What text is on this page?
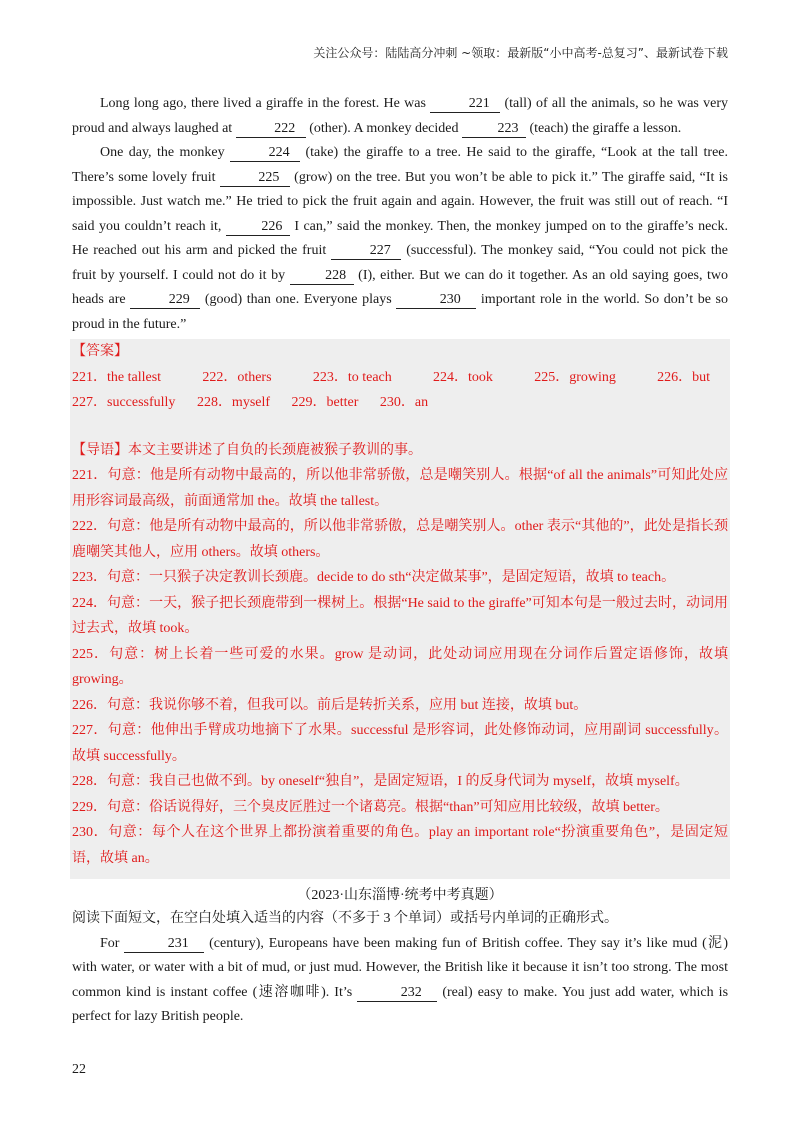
关注公众号：陆陆高分冲刺 ~领取：最新版“小中高考-总复习”、最新试卷下载

Long long ago, there lived a giraffe in the forest. He was	221 (tall) of all the animals, so he was very proud and always laughed at	222 (other). A monkey decided	223 (teach) the giraffe a lesson.

One day, the monkey	224 (take) the giraffe to a tree. He said to the giraffe, “Look at the tall tree. There’s some lovely fruit	225 (grow) on the tree. But you won’t be able to pick it.” The giraffe said, “It is impossible. Just watch me.” He tried to pick the fruit again and again. However, the fruit was still out of reach. “I said you couldn’t reach it,	226 I can,” said the monkey. Then, the monkey jumped on to the giraffe’s neck. He reached out his arm and picked the fruit	227 (successful). The monkey said, “You could not pick the fruit by yourself. I could not do it by	228 (I), either. But we can do it together. As an old saying goes, two heads are	229 (good) than one. Everyone plays	230 important role in the world. So don’t be so proud in the future.”

【答案】

221．the tallest	222．others	223．to teach	224．took	225．growing	226．but 227．successfully 228．myself 229．better 230．an

【导语】本文主要讲述了自负的长颈鹿被猴子教训的事。

221．句意：他是所有动物中最高的，所以他非常骄傲，总是嘲笑别人。根据“of all the animals”可知此处应用形容词最高级，前面通常加 the。故填 the tallest。

222．句意：他是所有动物中最高的，所以他非常骄傲，总是嘲笑别人。other 表示“其他的”，此处是指长颈鹿嘲笑其他人，应用 others。故填 others。

223．句意：一只猴子决定教训长颈鹿。decide to do sth“决定做某事”，是固定短语，故填 to teach。

224．句意：一天，猴子把长颈鹿带到一棵树上。根据“He said to the giraffe”可知本句是一般过去时，动词用过去式，故填 took。

225．句意：树上长着一些可爱的水果。grow 是动词，此处动词应用现在分词作后置定语修饰，故填 growing。

226．句意：我说你够不着，但我可以。前后是转折关系，应用 but 连接，故填 but。

227．句意：他伸出手臂成功地摘下了水果。successful 是形容词，此处修饰动词，应用副词 successfully。故填 successfully。

228．句意：我自己也做不到。by oneself“独自”，是固定短语，I 的反身代词为 myself，故填 myself。

229．句意：俗话说得好，三个臭皮匠胜过一个诸葛亮。根据“than”可知应用比较级，故填 better。

230．句意：每个人在这个世界上都扮演着重要的角色。play an important role“扮演重要角色”，是固定短语，故填 an。

（2023·山东淄博·统考中考真题）

阅读下面短文，在空白处填入适当的内容（不多于 3 个单词）或括号内单词的正确形式。

For	231 (century), Europeans have been making fun of British coffee. They say it’s like mud (泥) with water, or water with a bit of mud, or just mud. However, the British like it because it isn’t too strong. The most common kind is instant coffee (速溶咖啡). It’s	232 (real) easy to make. You just add water, which is perfect for lazy British people.

22
